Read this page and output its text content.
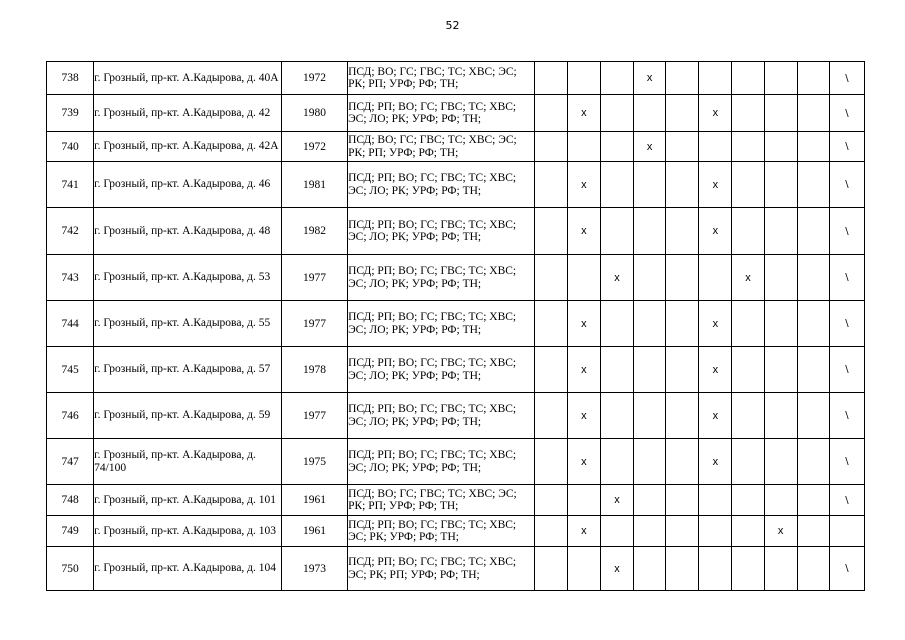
52
738	г. Грозный, пр-кт. А.Кадырова, д. 40А	1972	ПСД; ВО; ГС; ГВС; ТС; ХВС; ЭС; РК; РП; УРФ; РФ; ТН;				х						\
739	г. Грозный, пр-кт. А.Кадырова, д. 42	1980	ПСД; РП; ВО; ГС; ГВС; ТС; ХВС; ЭС; ЛО; РК; УРФ; РФ; ТН;		х				х				\
740	г. Грозный, пр-кт. А.Кадырова, д. 42А	1972	ПСД; ВО; ГС; ГВС; ТС; ХВС; ЭС; РК; РП; УРФ; РФ; ТН;				х						\
741	г. Грозный, пр-кт. А.Кадырова, д. 46	1981	ПСД; РП; ВО; ГС; ГВС; ТС; ХВС; ЭС; ЛО; РК; УРФ; РФ; ТН;		х				х				\
742	г. Грозный, пр-кт. А.Кадырова, д. 48	1982	ПСД; РП; ВО; ГС; ГВС; ТС; ХВС; ЭС; ЛО; РК; УРФ; РФ; ТН;		х				х				\
743	г. Грозный, пр-кт. А.Кадырова, д. 53	1977	ПСД; РП; ВО; ГС; ГВС; ТС; ХВС; ЭС; ЛО; РК; УРФ; РФ; ТН;			х				х			\
744	г. Грозный, пр-кт. А.Кадырова, д. 55	1977	ПСД; РП; ВО; ГС; ГВС; ТС; ХВС; ЭС; ЛО; РК; УРФ; РФ; ТН;		х				х				\
745	г. Грозный, пр-кт. А.Кадырова, д. 57	1978	ПСД; РП; ВО; ГС; ГВС; ТС; ХВС; ЭС; ЛО; РК; УРФ; РФ; ТН;		х				х				\
746	г. Грозный, пр-кт. А.Кадырова, д. 59	1977	ПСД; РП; ВО; ГС; ГВС; ТС; ХВС; ЭС; ЛО; РК; УРФ; РФ; ТН;		х				х				\
747	г. Грозный, пр-кт. А.Кадырова, д. 74/100	1975	ПСД; РП; ВО; ГС; ГВС; ТС; ХВС; ЭС; ЛО; РК; УРФ; РФ; ТН;		х				х				\
748	г. Грозный, пр-кт. А.Кадырова, д. 101	1961	ПСД; ВО; ГС; ГВС; ТС; ХВС; ЭС; РК; РП; УРФ; РФ; ТН;			х							\
749	г. Грозный, пр-кт. А.Кадырова, д. 103	1961	ПСД; РП; ВО; ГС; ГВС; ТС; ХВС; ЭС; РК; УРФ; РФ; ТН;		х						х		
750	г. Грозный, пр-кт. А.Кадырова, д. 104	1973	ПСД; РП; ВО; ГС; ГВС; ТС; ХВС; ЭС; РК; РП; УРФ; РФ; ТН;			х							\
